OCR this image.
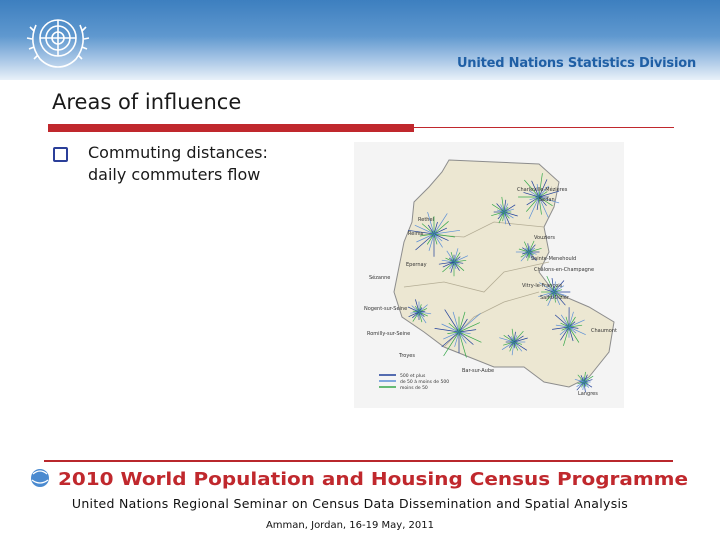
United Nations Statistics Division
Areas of influence
Commuting distances: daily commuters flow
500 et plus
de 50 à moins de 500
moins de 50
Charleville-Mézières
Sedan
Rethel
Reims
Vouziers
Epernay
Sainte-Menehould
Châlons-en-Champagne
Vitry-le-François
Sézanne
Saint-Dizier
Nogent-sur-Seine
Romilly-sur-Seine	Chaumont
Troyes
Bar-sur-Aube
Langres
2010 World Population and Housing Census Programme
United Nations Regional Seminar on Census Data Dissemination and Spatial Analysis
Amman, Jordan, 16-19 May, 2011
